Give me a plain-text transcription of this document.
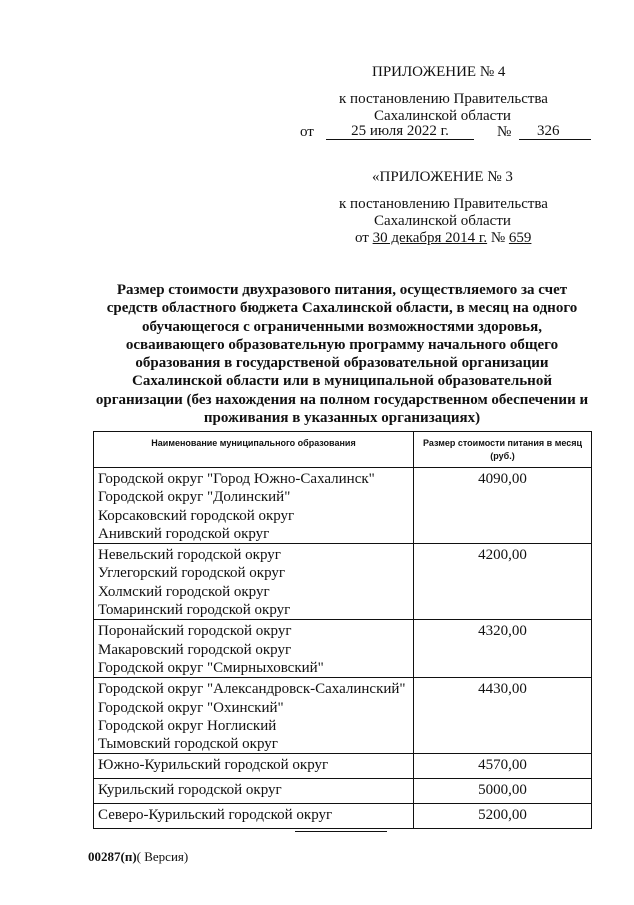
ПРИЛОЖЕНИЕ № 4
к постановлению Правительства
Сахалинской области
от	25 июля 2022 г.	№	326
«ПРИЛОЖЕНИЕ № 3
к постановлению Правительства
Сахалинской области
от 30 декабря 2014 г. № 659
Размер стоимости двухразового питания, осуществляемого за счет
средств областного бюджета Сахалинской области, в месяц на одного
обучающегося с ограниченными возможностями здоровья,
осваивающего образовательную программу начального общего
образования в государственой образовательной организации
Сахалинской области или в муниципальной образовательной
организации (без нахождения на полном государственном обеспечении и
проживания в указанных организациях)
Наименование муниципального образования	Размер стоимости питания в месяц (руб.)

Городской округ "Город Южно-Сахалинск"
Городской округ "Долинский"
Корсаковский городской округ
Анивский городской округ	4090,00

Невельский городской округ
Углегорский городской округ
Холмский городской округ
Томаринский городской округ	4200,00

Поронайский городской округ
Макаровский городской округ
Городской округ "Смирныховский"	4320,00

Городской округ "Александровск-Сахалинский"
Городской округ "Охинский"
Городской округ Ноглиский
Тымовский городской округ	4430,00

Южно-Курильский городской округ	4570,00

Курильский городской округ	5000,00

Северо-Курильский городской округ	5200,00
00287(п)( Версия)
